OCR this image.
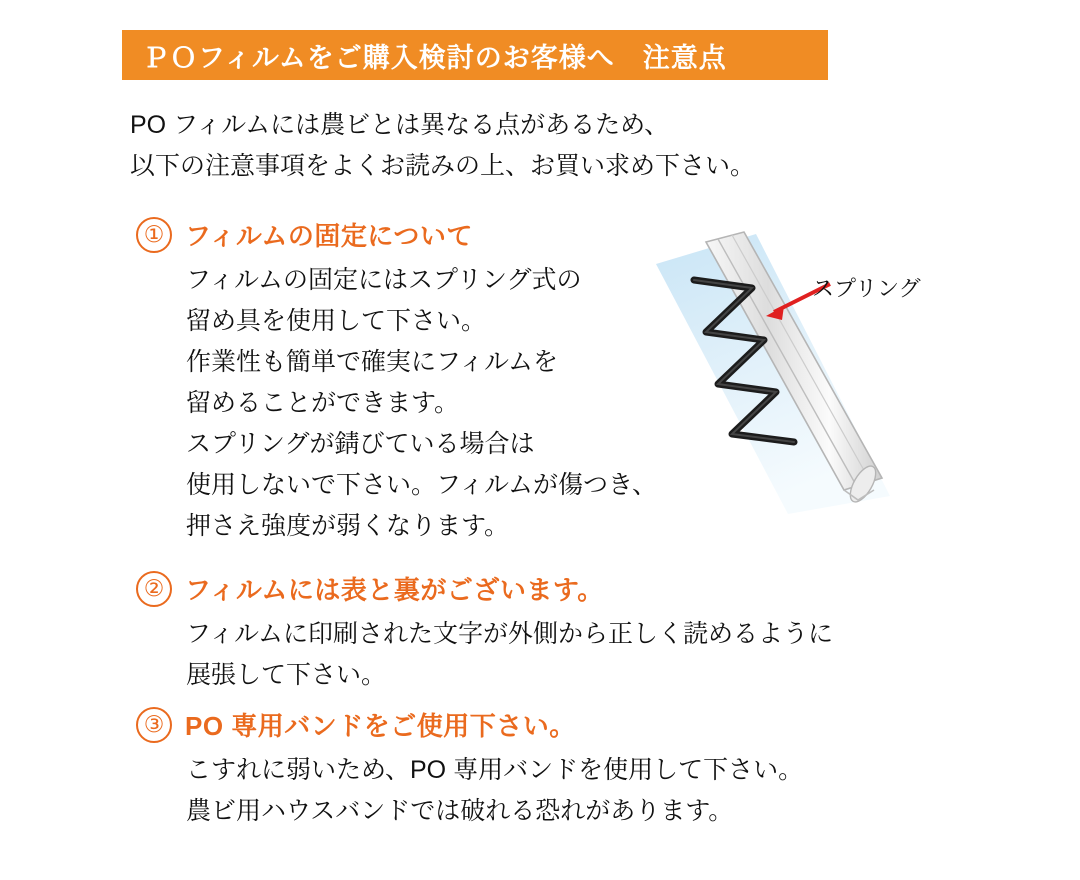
ＰＯフィルムをご購入検討のお客様へ　注意点
PO フィルムには農ビとは異なる点があるため、
以下の注意事項をよくお読みの上、お買い求め下さい。
① フィルムの固定について
フィルムの固定にはスプリング式の
留め具を使用して下さい。
作業性も簡単で確実にフィルムを
留めることができます。
スプリングが錆びている場合は
使用しないで下さい。フィルムが傷つき、
押さえ強度が弱くなります。
スプリング
② フィルムには表と裏がございます。
フィルムに印刷された文字が外側から正しく読めるように
展張して下さい。
③ PO 専用バンドをご使用下さい。
こすれに弱いため、PO 専用バンドを使用して下さい。
農ビ用ハウスバンドでは破れる恐れがあります。
